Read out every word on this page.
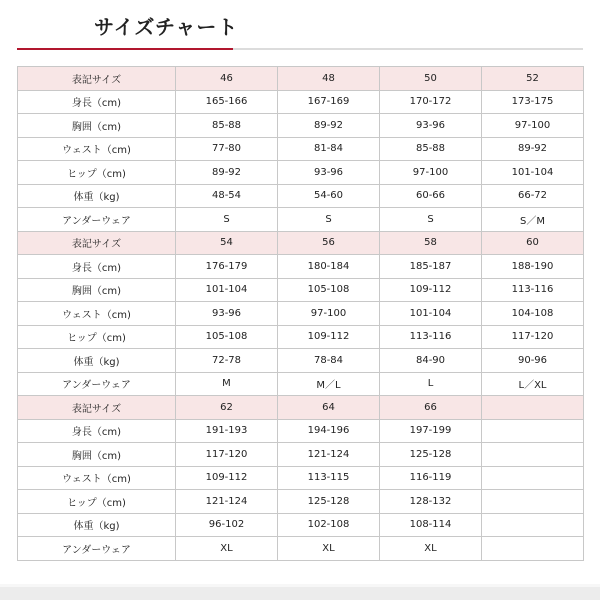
サイズチャート
表記サイズ	46	48	50	52
身長（cm)	165-166	167-169	170-172	173-175
胸囲（cm)	85-88	89-92	93-96	97-100
ウェスト（cm)	77-80	81-84	85-88	89-92
ヒップ（cm)	89-92	93-96	97-100	101-104
体重（kg)	48-54	54-60	60-66	66-72
アンダーウェア	S	S	S	S／M
表記サイズ	54	56	58	60
身長（cm)	176-179	180-184	185-187	188-190
胸囲（cm)	101-104	105-108	109-112	113-116
ウェスト（cm)	93-96	97-100	101-104	104-108
ヒップ（cm)	105-108	109-112	113-116	117-120
体重（kg)	72-78	78-84	84-90	90-96
アンダーウェア	M	M／L	L	L／XL
表記サイズ	62	64	66	
身長（cm)	191-193	194-196	197-199	
胸囲（cm)	117-120	121-124	125-128	
ウェスト（cm)	109-112	113-115	116-119	
ヒップ（cm)	121-124	125-128	128-132	
体重（kg)	96-102	102-108	108-114	
アンダーウェア	XL	XL	XL	
